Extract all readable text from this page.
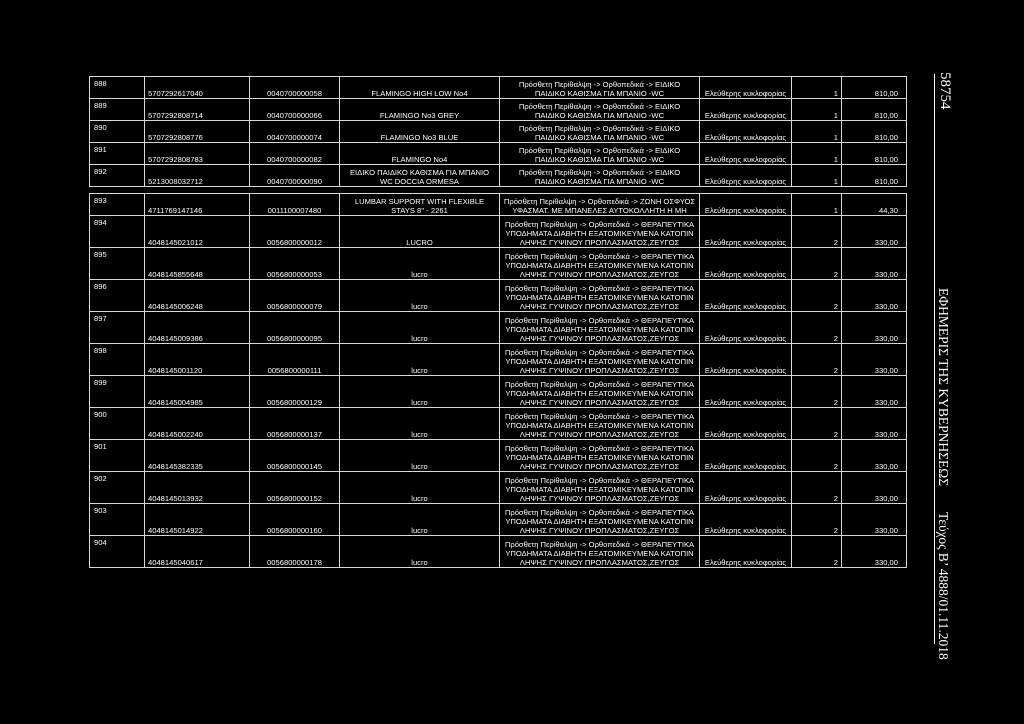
888	5707292617040	0040700000058	FLAMINGO HIGH LOW No4	Πρόσθετη Περίθαλψη -> Ορθοπεδικά -> ΕΙΔΙΚΟ ΠΑΙΔΙΚΟ ΚΑΘΙΣΜΑ ΓΙΑ ΜΠΑΝΙΟ -WC	Ελεύθερης κυκλοφορίας	1	810,00
889	5707292808714	0040700000066	FLAMINGO No3 GREY	Πρόσθετη Περίθαλψη -> Ορθοπεδικά -> ΕΙΔΙΚΟ ΠΑΙΔΙΚΟ ΚΑΘΙΣΜΑ ΓΙΑ ΜΠΑΝΙΟ -WC	Ελεύθερης κυκλοφορίας	1	810,00
890	5707292808776	0040700000074	FLAMINGO No3 BLUE	Πρόσθετη Περίθαλψη -> Ορθοπεδικά -> ΕΙΔΙΚΟ ΠΑΙΔΙΚΟ ΚΑΘΙΣΜΑ ΓΙΑ ΜΠΑΝΙΟ -WC	Ελεύθερης κυκλοφορίας	1	810,00
891	5707292808783	0040700000082	FLAMINGO No4	Πρόσθετη Περίθαλψη -> Ορθοπεδικά -> ΕΙΔΙΚΟ ΠΑΙΔΙΚΟ ΚΑΘΙΣΜΑ ΓΙΑ ΜΠΑΝΙΟ -WC	Ελεύθερης κυκλοφορίας	1	810,00
892	5213008032712	0040700000090	ΕΙΔΙΚΟ ΠΑΙΔΙΚΟ ΚΑΘΙΣΜΑ ΓΙΑ ΜΠΑΝΙΟ WC DOCCIA ORMESA	Πρόσθετη Περίθαλψη -> Ορθοπεδικά -> ΕΙΔΙΚΟ ΠΑΙΔΙΚΟ ΚΑΘΙΣΜΑ ΓΙΑ ΜΠΑΝΙΟ -WC	Ελεύθερης κυκλοφορίας	1	810,00

893	4711769147146	0011100007480	LUMBAR SUPPORT WITH FLEXIBLE STAYS 8'' - 2261	Πρόσθετη Περίθαλψη -> Ορθοπεδικά -> ΖΩΝΗ ΟΣΦΥΟΣ ΥΦΑΣΜΑΤ. ΜΕ ΜΠΑΝΕΛΕΣ ΑΥΤΟΚΟΛΛΗΤΗ Η ΜΗ	Ελεύθερης κυκλοφορίας	1	44,30
894	4048145021012	0056800000012	LUCRO	Πρόσθετη Περίθαλψη -> Ορθοπεδικά -> ΘΕΡΑΠΕΥΤΙΚΑ ΥΠΟΔΗΜΑΤΑ ΔΙΑΒΗΤΗ ΕΞΑΤΟΜΙΚΕΥΜΕΝΑ ΚΑΤΟΠΙΝ ΛΗΨΗΣ ΓΥΨΙΝΟΥ ΠΡΟΠΛΑΣΜΑΤΟΣ,ΖΕΥΓΟΣ	Ελεύθερης κυκλοφορίας	2	330,00
895	4048145855648	0056800000053	lucro	Πρόσθετη Περίθαλψη -> Ορθοπεδικά -> ΘΕΡΑΠΕΥΤΙΚΑ ΥΠΟΔΗΜΑΤΑ ΔΙΑΒΗΤΗ ΕΞΑΤΟΜΙΚΕΥΜΕΝΑ ΚΑΤΟΠΙΝ ΛΗΨΗΣ ΓΥΨΙΝΟΥ ΠΡΟΠΛΑΣΜΑΤΟΣ,ΖΕΥΓΟΣ	Ελεύθερης κυκλοφορίας	2	330,00
896	4048145006248	0056800000079	lucro	Πρόσθετη Περίθαλψη -> Ορθοπεδικά -> ΘΕΡΑΠΕΥΤΙΚΑ ΥΠΟΔΗΜΑΤΑ ΔΙΑΒΗΤΗ ΕΞΑΤΟΜΙΚΕΥΜΕΝΑ ΚΑΤΟΠΙΝ ΛΗΨΗΣ ΓΥΨΙΝΟΥ ΠΡΟΠΛΑΣΜΑΤΟΣ,ΖΕΥΓΟΣ	Ελεύθερης κυκλοφορίας	2	330,00
897	4048145009386	0056800000095	lucro	Πρόσθετη Περίθαλψη -> Ορθοπεδικά -> ΘΕΡΑΠΕΥΤΙΚΑ ΥΠΟΔΗΜΑΤΑ ΔΙΑΒΗΤΗ ΕΞΑΤΟΜΙΚΕΥΜΕΝΑ ΚΑΤΟΠΙΝ ΛΗΨΗΣ ΓΥΨΙΝΟΥ ΠΡΟΠΛΑΣΜΑΤΟΣ,ΖΕΥΓΟΣ	Ελεύθερης κυκλοφορίας	2	330,00
898	4048145001120	0056800000111	lucro	Πρόσθετη Περίθαλψη -> Ορθοπεδικά -> ΘΕΡΑΠΕΥΤΙΚΑ ΥΠΟΔΗΜΑΤΑ ΔΙΑΒΗΤΗ ΕΞΑΤΟΜΙΚΕΥΜΕΝΑ ΚΑΤΟΠΙΝ ΛΗΨΗΣ ΓΥΨΙΝΟΥ ΠΡΟΠΛΑΣΜΑΤΟΣ,ΖΕΥΓΟΣ	Ελεύθερης κυκλοφορίας	2	330,00
899	4048145004985	0056800000129	lucro	Πρόσθετη Περίθαλψη -> Ορθοπεδικά -> ΘΕΡΑΠΕΥΤΙΚΑ ΥΠΟΔΗΜΑΤΑ ΔΙΑΒΗΤΗ ΕΞΑΤΟΜΙΚΕΥΜΕΝΑ ΚΑΤΟΠΙΝ ΛΗΨΗΣ ΓΥΨΙΝΟΥ ΠΡΟΠΛΑΣΜΑΤΟΣ,ΖΕΥΓΟΣ	Ελεύθερης κυκλοφορίας	2	330,00
900	4048145002240	0056800000137	lucro	Πρόσθετη Περίθαλψη -> Ορθοπεδικά -> ΘΕΡΑΠΕΥΤΙΚΑ ΥΠΟΔΗΜΑΤΑ ΔΙΑΒΗΤΗ ΕΞΑΤΟΜΙΚΕΥΜΕΝΑ ΚΑΤΟΠΙΝ ΛΗΨΗΣ ΓΥΨΙΝΟΥ ΠΡΟΠΛΑΣΜΑΤΟΣ,ΖΕΥΓΟΣ	Ελεύθερης κυκλοφορίας	2	330,00
901	4048145382335	0056800000145	lucro	Πρόσθετη Περίθαλψη -> Ορθοπεδικά -> ΘΕΡΑΠΕΥΤΙΚΑ ΥΠΟΔΗΜΑΤΑ ΔΙΑΒΗΤΗ ΕΞΑΤΟΜΙΚΕΥΜΕΝΑ ΚΑΤΟΠΙΝ ΛΗΨΗΣ ΓΥΨΙΝΟΥ ΠΡΟΠΛΑΣΜΑΤΟΣ,ΖΕΥΓΟΣ	Ελεύθερης κυκλοφορίας	2	330,00
902	4048145013932	0056800000152	lucro	Πρόσθετη Περίθαλψη -> Ορθοπεδικά -> ΘΕΡΑΠΕΥΤΙΚΑ ΥΠΟΔΗΜΑΤΑ ΔΙΑΒΗΤΗ ΕΞΑΤΟΜΙΚΕΥΜΕΝΑ ΚΑΤΟΠΙΝ ΛΗΨΗΣ ΓΥΨΙΝΟΥ ΠΡΟΠΛΑΣΜΑΤΟΣ,ΖΕΥΓΟΣ	Ελεύθερης κυκλοφορίας	2	330,00
903	4048145014922	0056800000160	lucro	Πρόσθετη Περίθαλψη -> Ορθοπεδικά -> ΘΕΡΑΠΕΥΤΙΚΑ ΥΠΟΔΗΜΑΤΑ ΔΙΑΒΗΤΗ ΕΞΑΤΟΜΙΚΕΥΜΕΝΑ ΚΑΤΟΠΙΝ ΛΗΨΗΣ ΓΥΨΙΝΟΥ ΠΡΟΠΛΑΣΜΑΤΟΣ,ΖΕΥΓΟΣ	Ελεύθερης κυκλοφορίας	2	330,00
904	4048145040617	0056800000178	lucro	Πρόσθετη Περίθαλψη -> Ορθοπεδικά -> ΘΕΡΑΠΕΥΤΙΚΑ ΥΠΟΔΗΜΑΤΑ ΔΙΑΒΗΤΗ ΕΞΑΤΟΜΙΚΕΥΜΕΝΑ ΚΑΤΟΠΙΝ ΛΗΨΗΣ ΓΥΨΙΝΟΥ ΠΡΟΠΛΑΣΜΑΤΟΣ,ΖΕΥΓΟΣ	Ελεύθερης κυκλοφορίας	2	330,00
58754
ΕΦΗΜΕΡΙΣ ΤΗΣ ΚΥΒΕΡΝΗΣΕΩΣ
Τεύχος B’ 4888/01.11.2018
